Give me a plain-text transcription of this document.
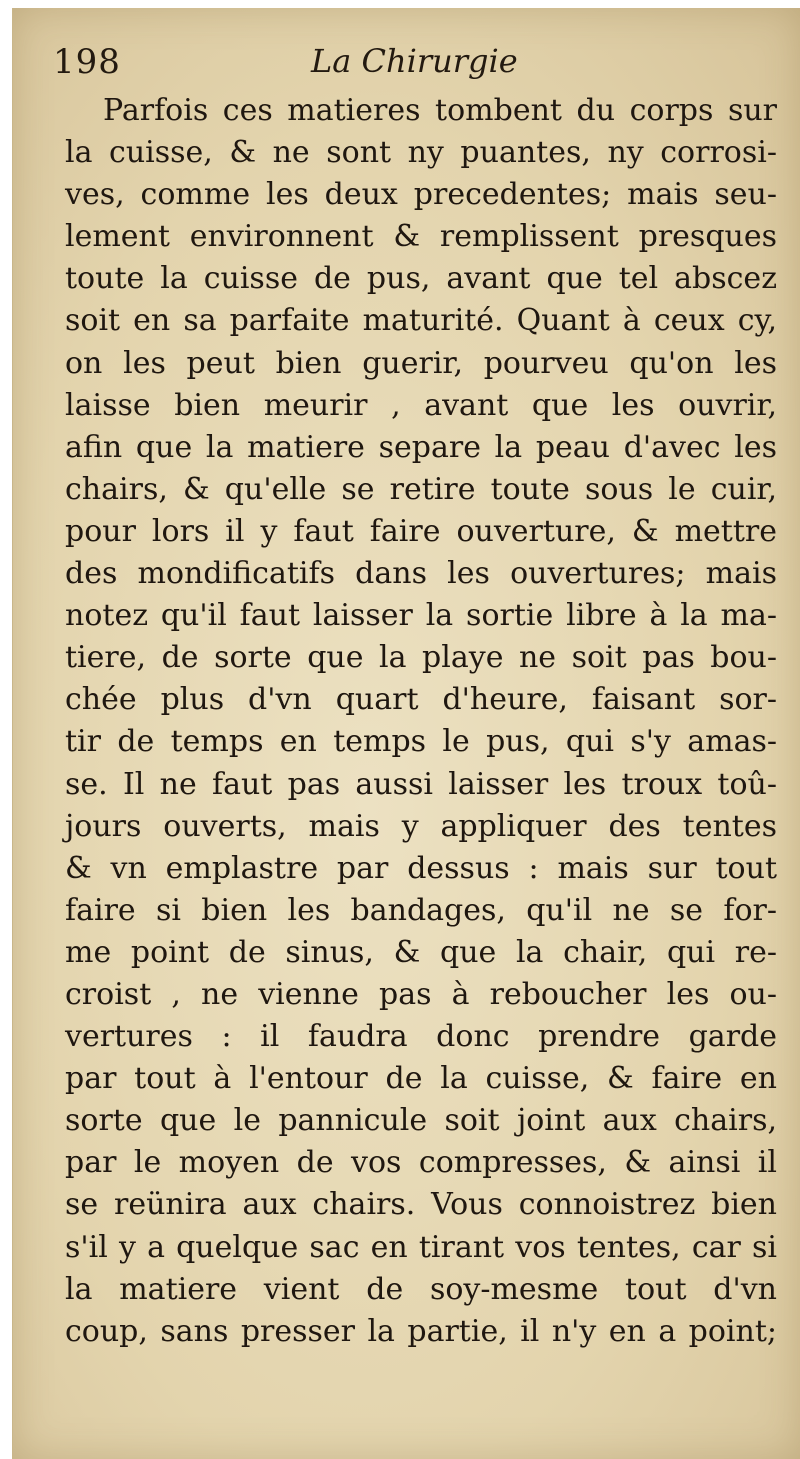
198	La Chirurgie
Parfois ces matieres tombent du corps sur
la cuisse, & ne sont ny puantes, ny corrosi-
ves, comme les deux precedentes; mais seu-
lement environnent & remplissent presques
toute la cuisse de pus, avant que tel abscez
soit en sa parfaite maturité. Quant à ceux cy,
on les peut bien guerir, pourveu qu'on les
laisse bien meurir , avant que les ouvrir,
afin que la matiere separe la peau d'avec les
chairs, & qu'elle se retire toute sous le cuir,
pour lors il y faut faire ouverture, & mettre
des mondificatifs dans les ouvertures; mais
notez qu'il faut laisser la sortie libre à la ma-
tiere, de sorte que la playe ne soit pas bou-
chée plus d'vn quart d'heure, faisant sor-
tir de temps en temps le pus, qui s'y amas-
se. Il ne faut pas aussi laisser les troux toû-
jours ouverts, mais y appliquer des tentes
& vn emplastre par dessus : mais sur tout
faire si bien les bandages, qu'il ne se for-
me point de sinus, & que la chair, qui re-
croist , ne vienne pas à reboucher les ou-
vertures : il faudra donc prendre garde
par tout à l'entour de la cuisse, & faire en
sorte que le pannicule soit joint aux chairs,
par le moyen de vos compresses, & ainsi il
se reünira aux chairs. Vous connoistrez bien
s'il y a quelque sac en tirant vos tentes, car si
la matiere vient de soy-mesme tout d'vn
coup, sans presser la partie, il n'y en a point;
